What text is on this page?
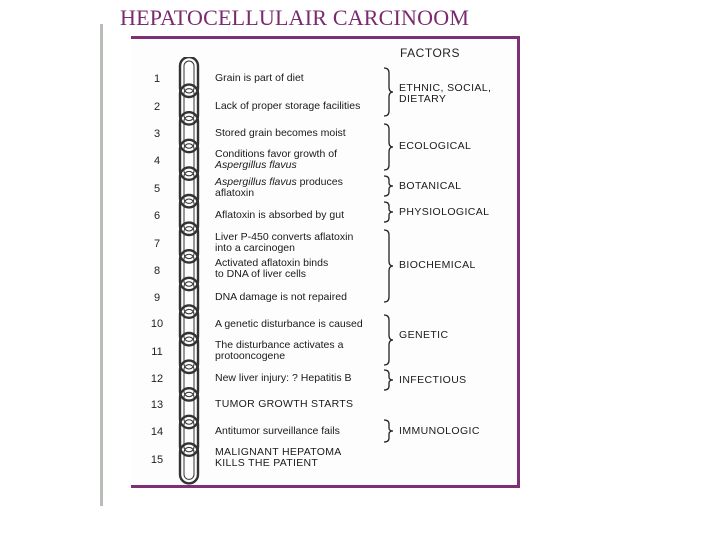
HEPATOCELLULAIR CARCINOOM
FACTORS
1
2
3
4
5
6
7
8
9
10
11
12
13
14
15
Grain is part of diet
Lack of proper storage facilities
Stored grain becomes moist
Conditions favor growth of
Aspergillus flavus
Aspergillus flavus produces
aflatoxin
Aflatoxin is absorbed by gut
Liver P-450 converts aflatoxin
into a carcinogen
Activated aflatoxin binds
to DNA of liver cells
DNA damage is not repaired
A genetic disturbance is caused
The disturbance activates a
protooncogene
New liver injury: ? Hepatitis B
TUMOR GROWTH STARTS
Antitumor surveillance fails
MALIGNANT HEPATOMA
KILLS THE PATIENT
ETHNIC, SOCIAL,
DIETARY
ECOLOGICAL
BOTANICAL
PHYSIOLOGICAL
BIOCHEMICAL
GENETIC
INFECTIOUS
IMMUNOLOGIC
